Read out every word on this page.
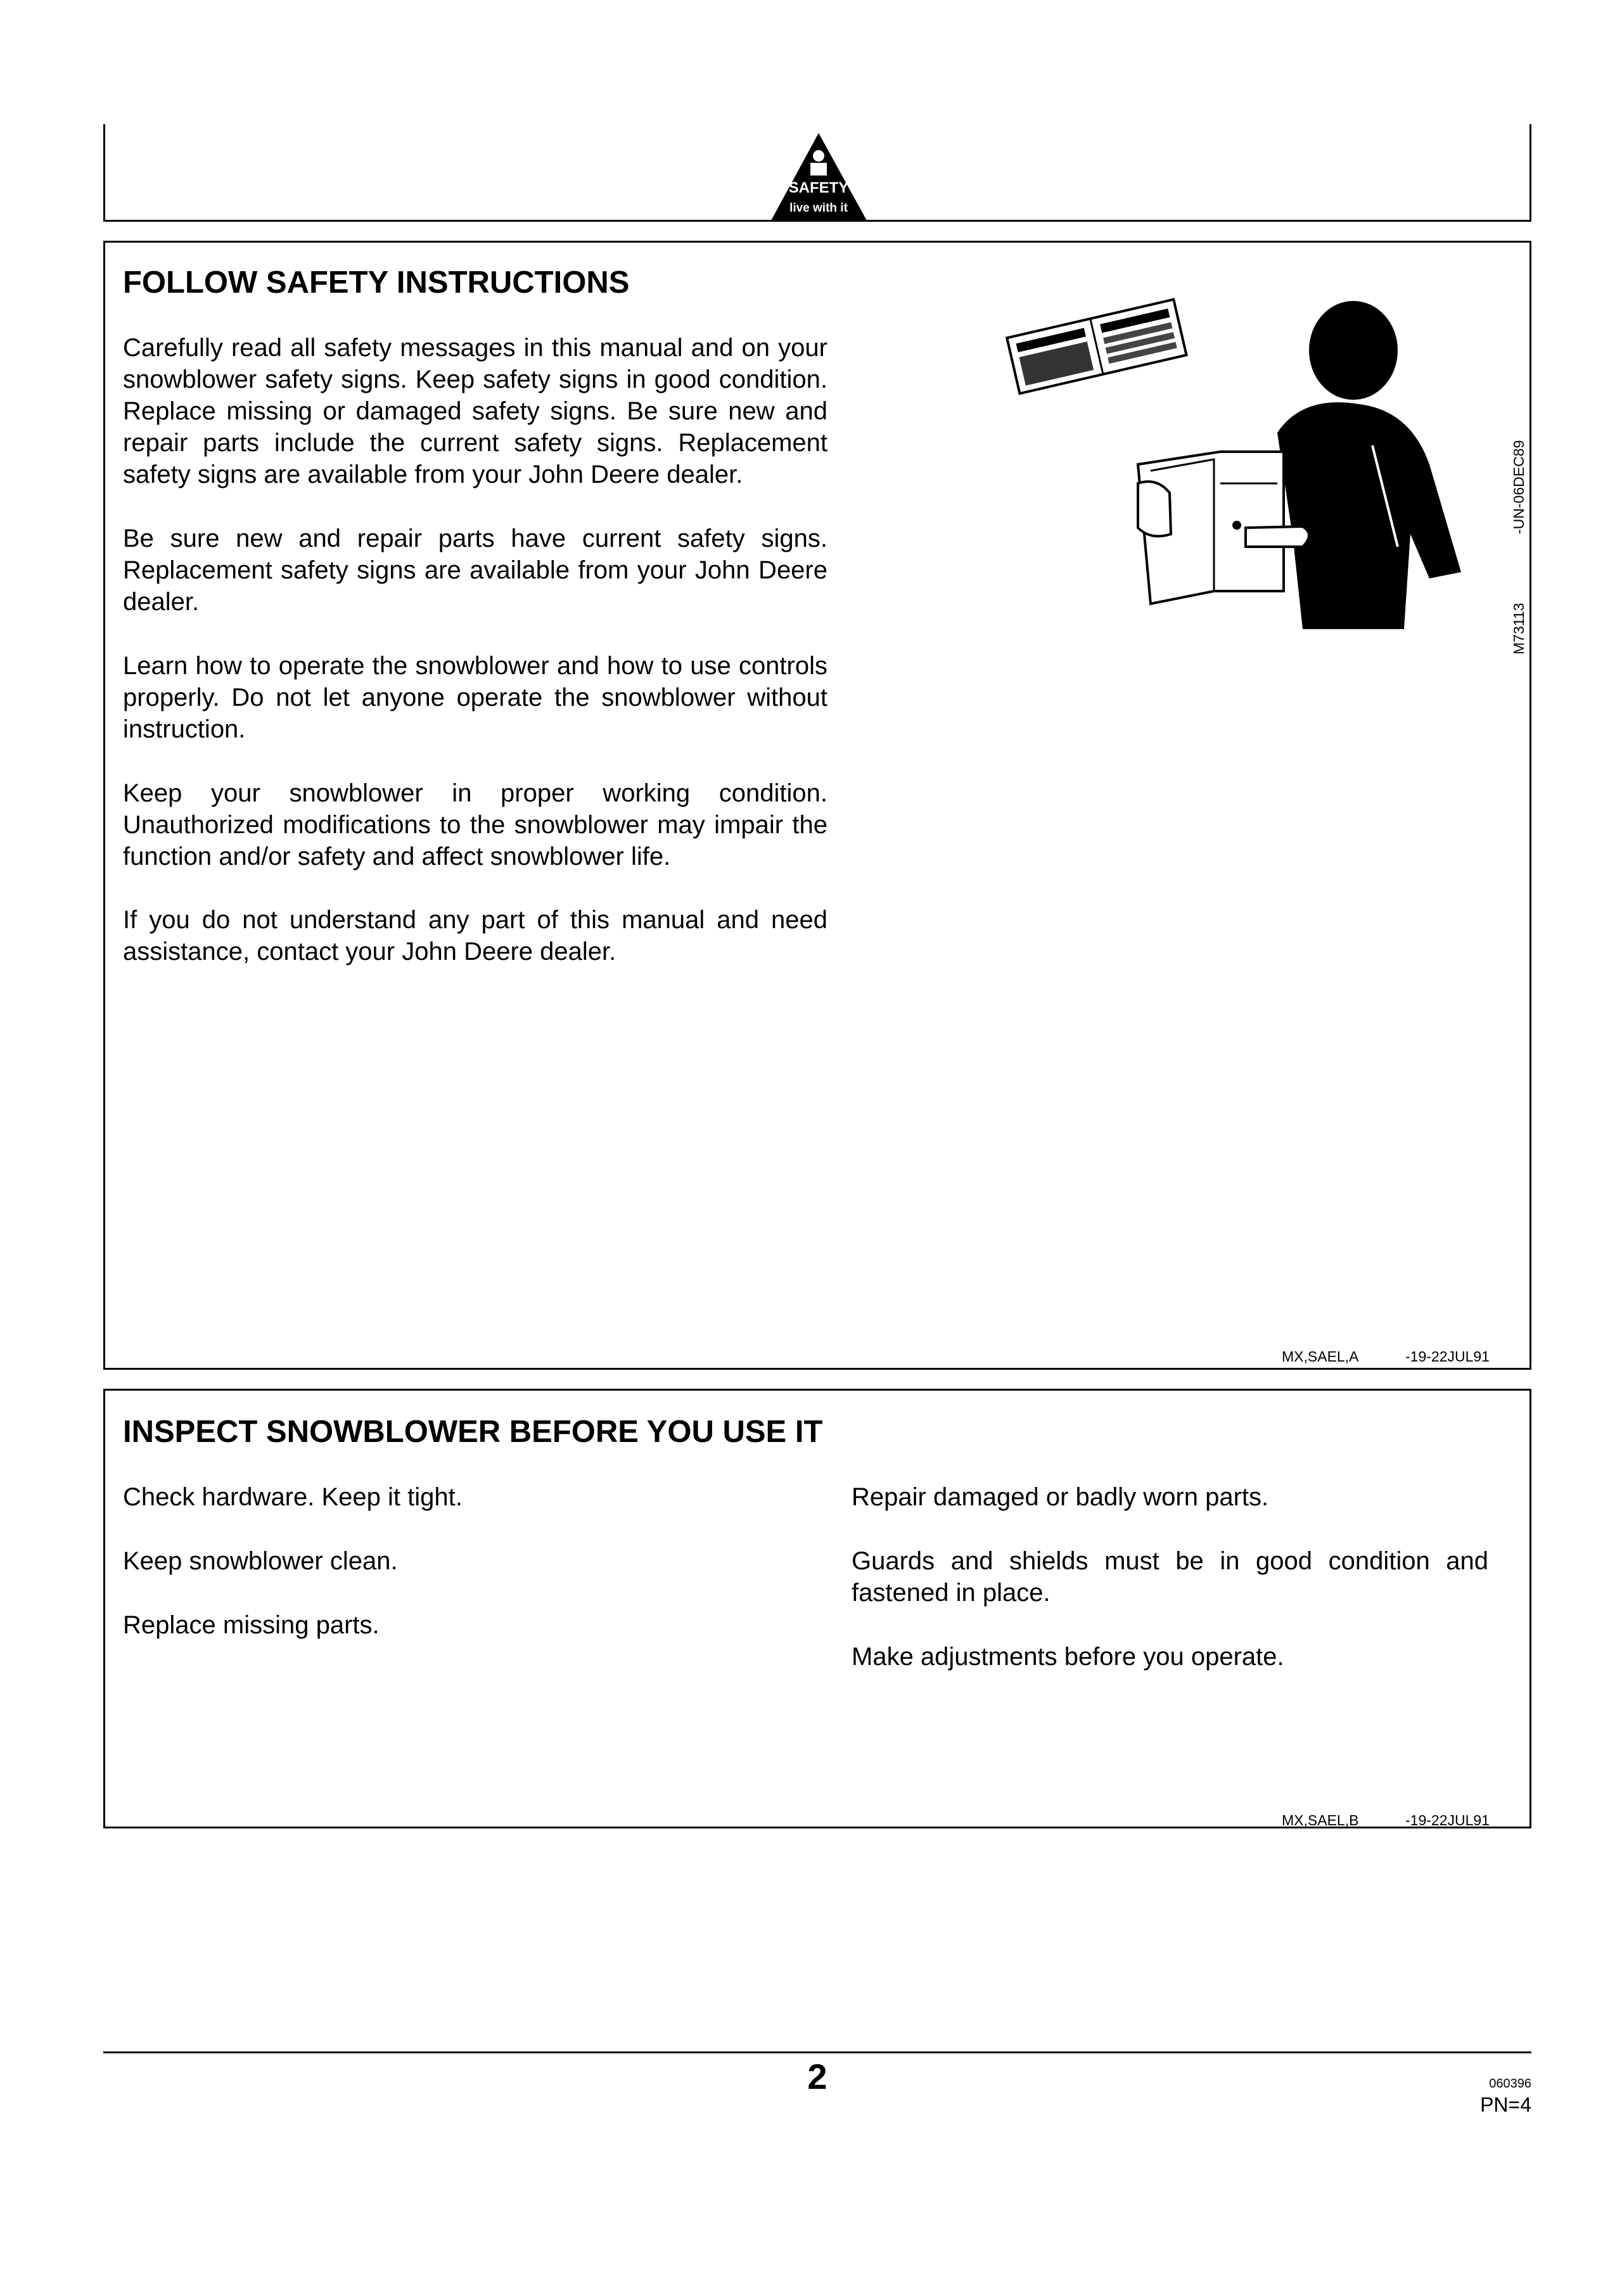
SAFETY
live with it
FOLLOW SAFETY INSTRUCTIONS

Carefully read all safety messages in this manual and on your snowblower safety signs. Keep safety signs in good condition. Replace missing or damaged safety signs. Be sure new and repair parts include the current safety signs. Replacement safety signs are available from your John Deere dealer.

Be sure new and repair parts have current safety signs. Replacement safety signs are available from your John Deere dealer.

Learn how to operate the snowblower and how to use controls properly. Do not let anyone operate the snowblower without instruction.

Keep your snowblower in proper working condition. Unauthorized modifications to the snowblower may impair the function and/or safety and affect snowblower life.

If you do not understand any part of this manual and need assistance, contact your John Deere dealer.

M73113
-UN-06DEC89
MX,SAEL,A	-19-22JUL91
INSPECT SNOWBLOWER BEFORE YOU USE IT

Check hardware. Keep it tight.

Keep snowblower clean.

Replace missing parts.

Repair damaged or badly worn parts.

Guards and shields must be in good condition and fastened in place.

Make adjustments before you operate.

MX,SAEL,B	-19-22JUL91
2	060396
PN=4
